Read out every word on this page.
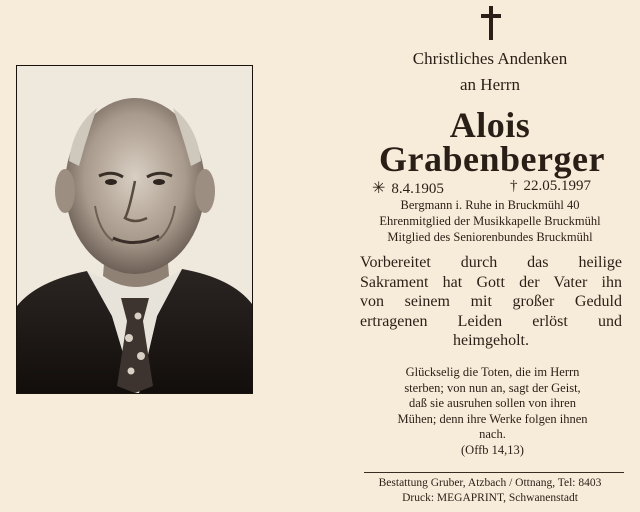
Christliches Andenken
an Herrn
Alois
Grabenberger
✳ 8.4.1905	† 22.05.1997
Bergmann i. Ruhe in Bruckmühl 40
Ehrenmitglied der Musikkapelle Bruckmühl
Mitglied des Seniorenbundes Bruckmühl
Vorbereitet durch das heilige
Sakrament hat Gott der Vater ihn
von seinem mit großer Geduld
ertragenen Leiden erlöst und
heimgeholt.
Glückselig die Toten, die im Herrn
sterben; von nun an, sagt der Geist,
daß sie ausruhen sollen von ihren
Mühen; denn ihre Werke folgen ihnen
nach.
(Offb 14,13)
Bestattung Gruber, Atzbach / Ottnang, Tel: 8403
Druck: MEGAPRINT, Schwanenstadt
